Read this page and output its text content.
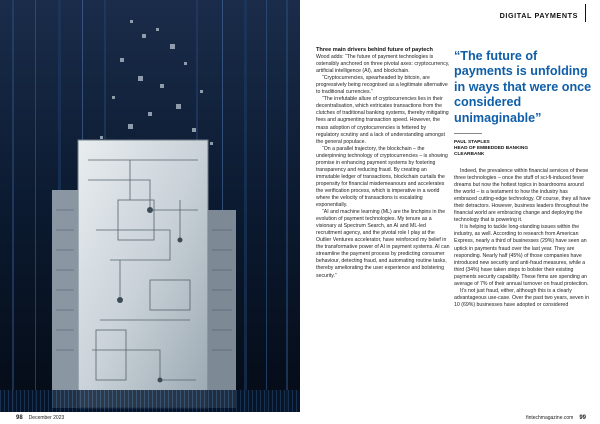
98 December 2023
DIGITAL PAYMENTS

Three main drivers behind future of paytech

Wood adds: “The future of payment technologies is ostensibly anchored on three pivotal axes: cryptocurrency, artificial intelligence (AI), and blockchain.

“Cryptocurrencies, spearheaded by bitcoin, are progressively being recognised as a legitimate alternative to traditional currencies.”

“The irrefutable allure of cryptocurrencies lies in their decentralisation, which extricates transactions from the clutches of traditional banking systems, thereby mitigating fees and augmenting transaction speed. However, the mass adoption of cryptocurrencies is fettered by regulatory scrutiny and a lack of understanding amongst the general populace.

“On a parallel trajectory, the blockchain – the underpinning technology of cryptocurrencies – is showing promise in enhancing payment systems by fostering transparency and reducing fraud. By creating an immutable ledger of transactions, blockchain curtails the propensity for financial misdemeanours and accelerates the verification process, which is imperative in a world where the velocity of transactions is escalating exponentially.

“AI and machine learning (ML) are the linchpins in the evolution of payment technologies. My tenure as a visionary at Spectrum Search, an AI and ML-led recruitment agency, and the pivotal role I play at the Outlier Ventures accelerator, have reinforced my belief in the transformative power of AI in payment systems. AI can streamline the payment process by predicting consumer behaviour, detecting fraud, and automating routine tasks, thereby ameliorating the user experience and bolstering security.”

“The future of payments is unfolding in ways that were once considered unimaginable”
PAUL STAPLES
HEAD OF EMBEDDED BANKING
CLEARBANK

Indeed, the prevalence within financial services of these three technologies – once the stuff of sci-fi-induced fever dreams but now the hottest topics in boardrooms around the world – is a testament to how the industry has embraced cutting-edge technology. Of course, they all have their detractors. However, business leaders throughout the financial world are embracing change and deploying the technology that is powering it.

It is helping to tackle long-standing issues within the industry, as well. According to research from American Express, nearly a third of businesses (29%) have seen an uptick in payments fraud over the last year. They are responding. Nearly half (45%) of those companies have introduced new security and anti-fraud measures, while a third (34%) have taken steps to bolster their existing payments security capability. These firms are spending an average of 7% of their annual turnover on fraud protection.

It’s not just fraud, either, although this is a clearly advantageous use-case. Over the past two years, seven in 10 (69%) businesses have adopted or considered

fintechmagazine.com 99
